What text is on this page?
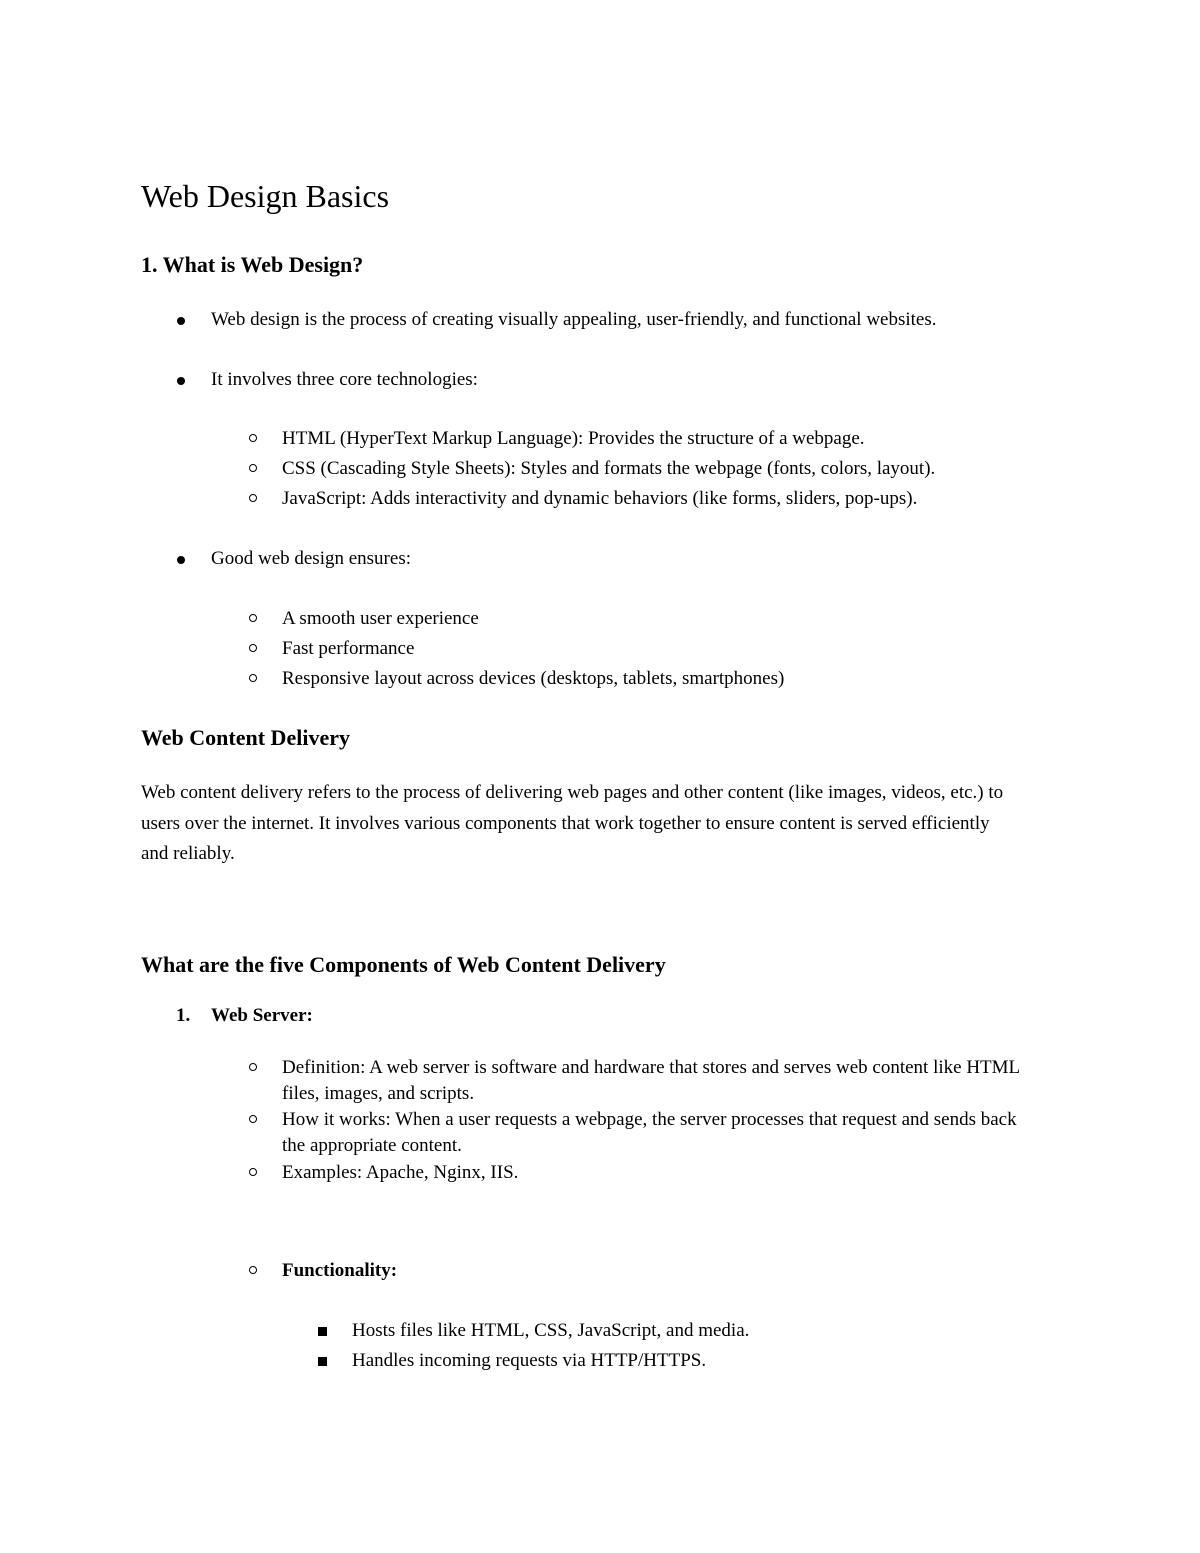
Web Design Basics
1. What is Web Design?
Web design is the process of creating visually appealing, user-friendly, and functional websites.
It involves three core technologies:
HTML (HyperText Markup Language): Provides the structure of a webpage.
CSS (Cascading Style Sheets): Styles and formats the webpage (fonts, colors, layout).
JavaScript: Adds interactivity and dynamic behaviors (like forms, sliders, pop-ups).
Good web design ensures:
A smooth user experience
Fast performance
Responsive layout across devices (desktops, tablets, smartphones)
Web Content Delivery
Web content delivery refers to the process of delivering web pages and other content (like images, videos, etc.) to
users over the internet. It involves various components that work together to ensure content is served efficiently
and reliably.
What are the five Components of Web Content Delivery
1. Web Server:
Definition: A web server is software and hardware that stores and serves web content like HTML
files, images, and scripts.
How it works: When a user requests a webpage, the server processes that request and sends back
the appropriate content.
Examples: Apache, Nginx, IIS.
Functionality:
Hosts files like HTML, CSS, JavaScript, and media.
Handles incoming requests via HTTP/HTTPS.
